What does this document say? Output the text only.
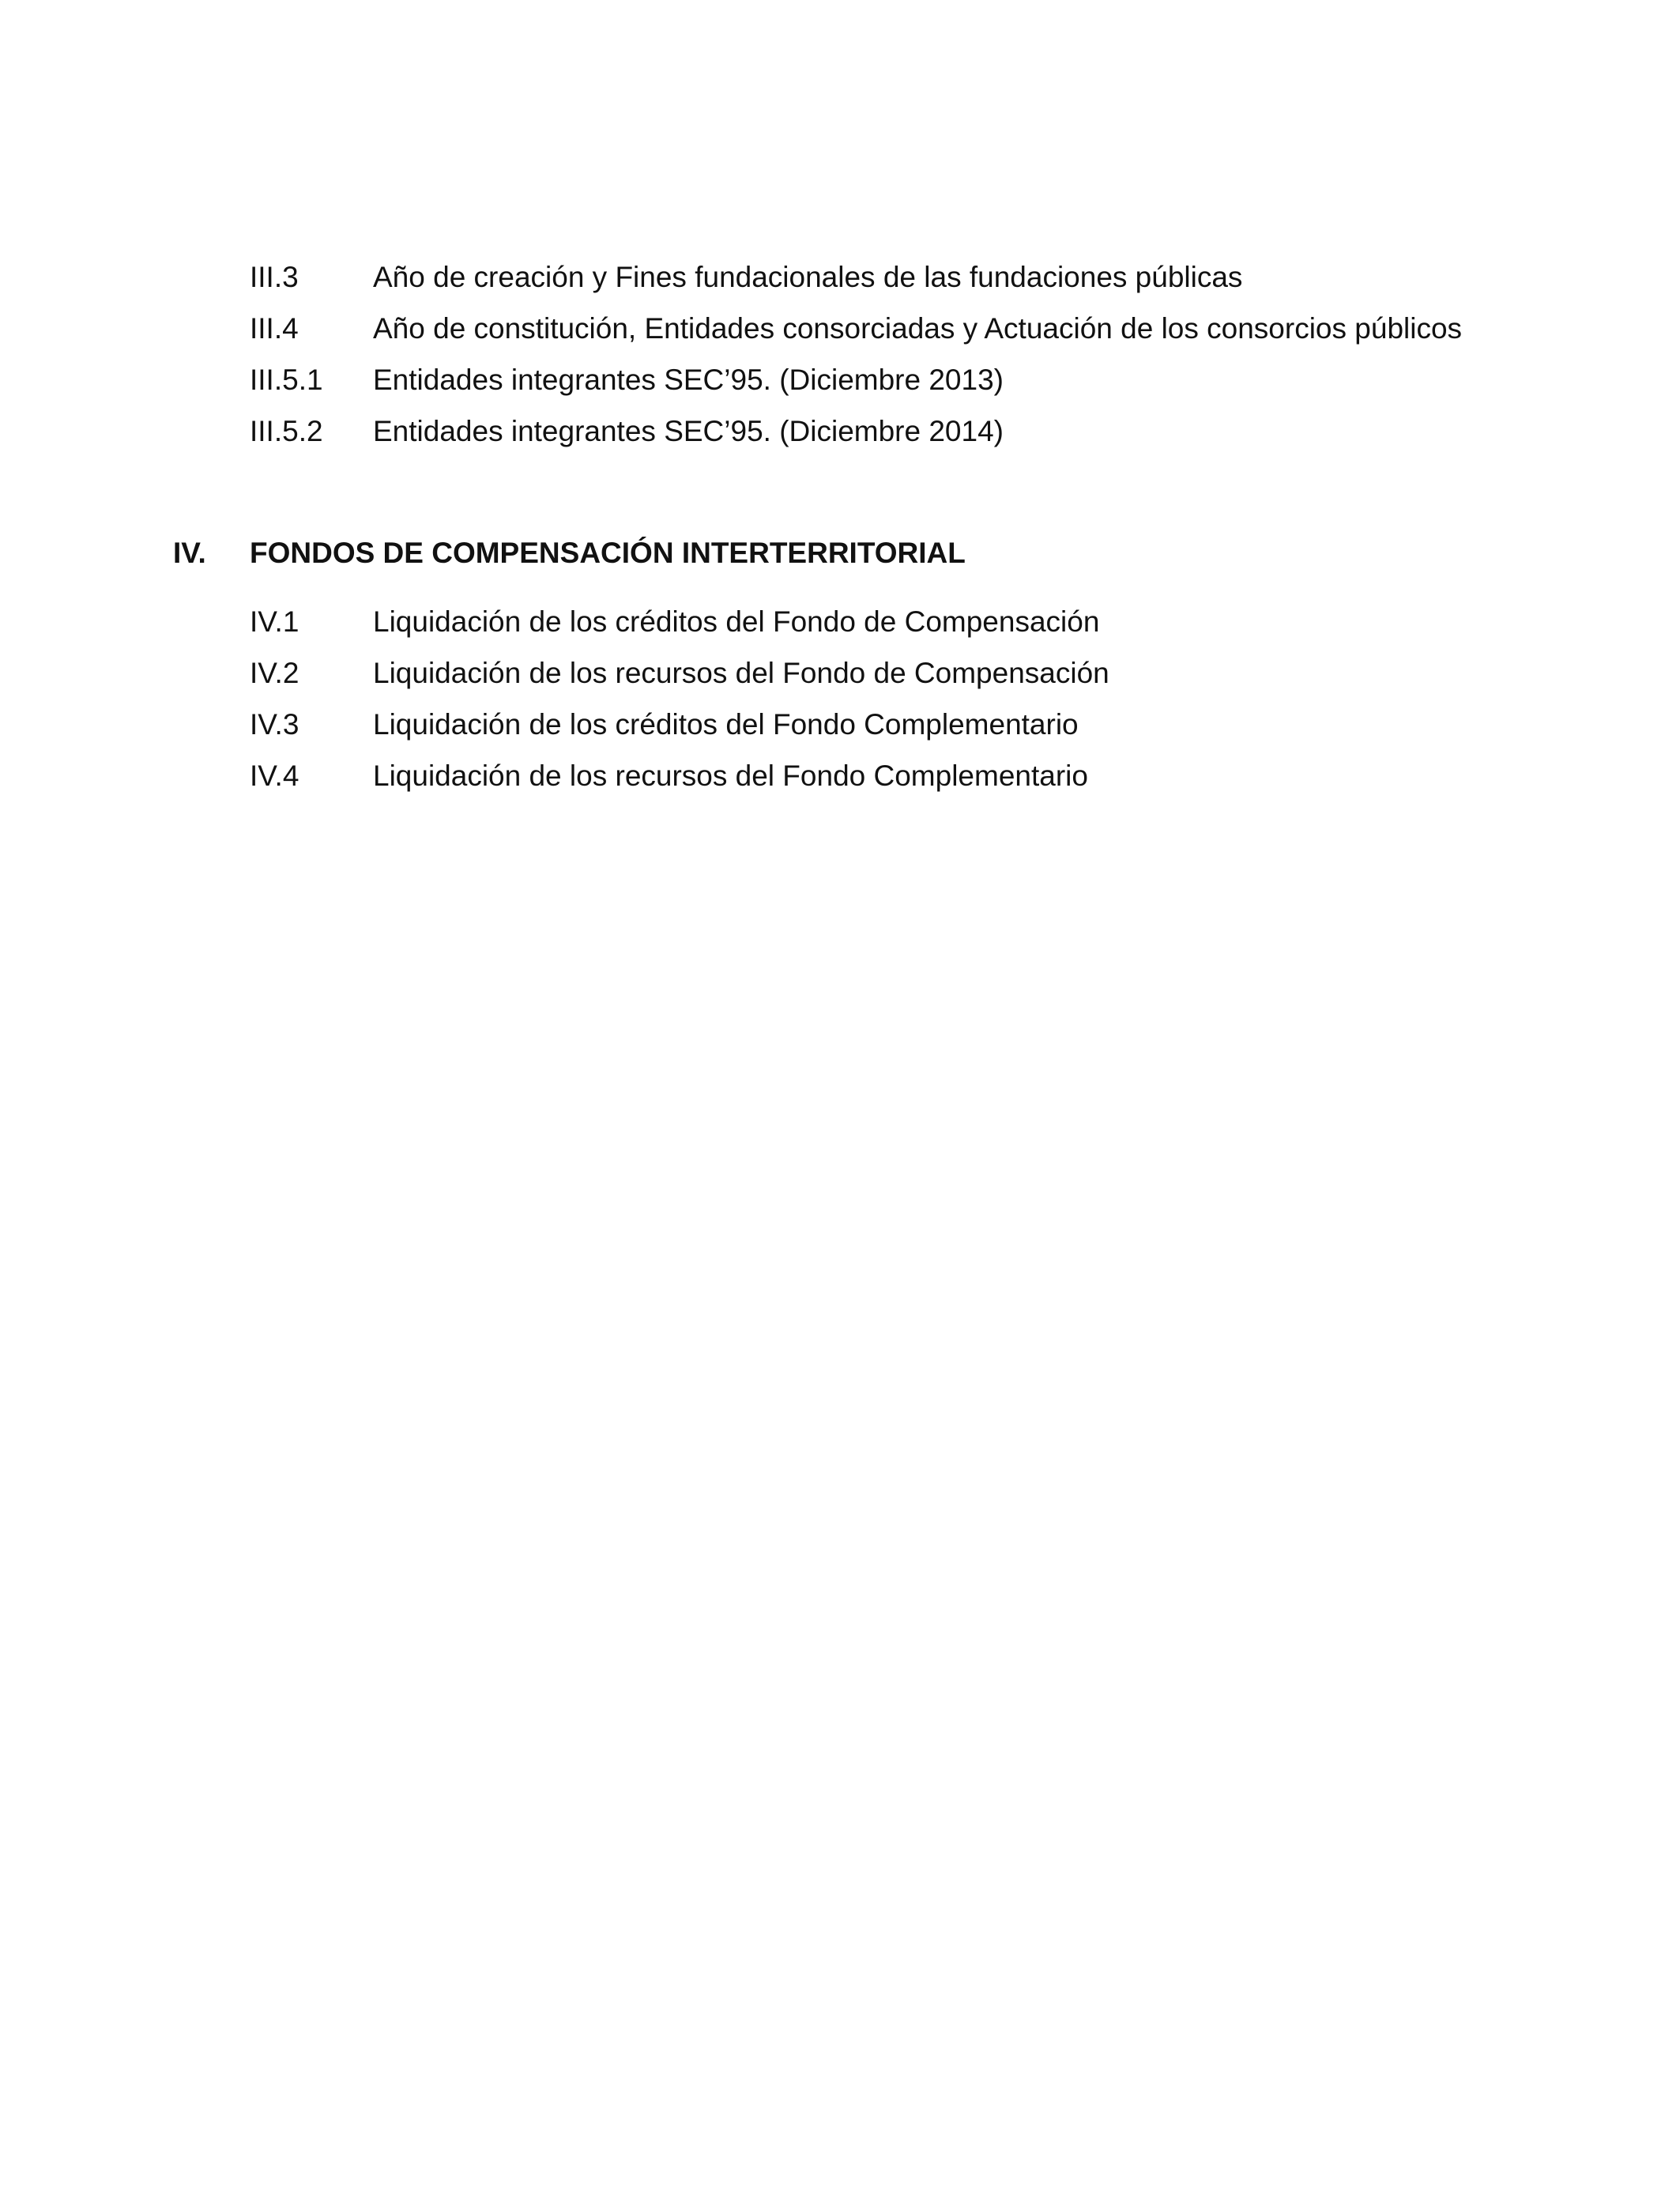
III.3	Año de creación y Fines fundacionales de las fundaciones públicas
III.4	Año de constitución, Entidades consorciadas y Actuación de los consorcios públicos
III.5.1 Entidades integrantes SEC’95. (Diciembre 2013)
III.5.2 Entidades integrantes SEC’95. (Diciembre 2014)
IV. FONDOS DE COMPENSACIÓN INTERTERRITORIAL
IV.1	Liquidación de los créditos del Fondo de Compensación
IV.2	Liquidación de los recursos del Fondo de Compensación
IV.3	Liquidación de los créditos del Fondo Complementario
IV.4	Liquidación de los recursos del Fondo Complementario
